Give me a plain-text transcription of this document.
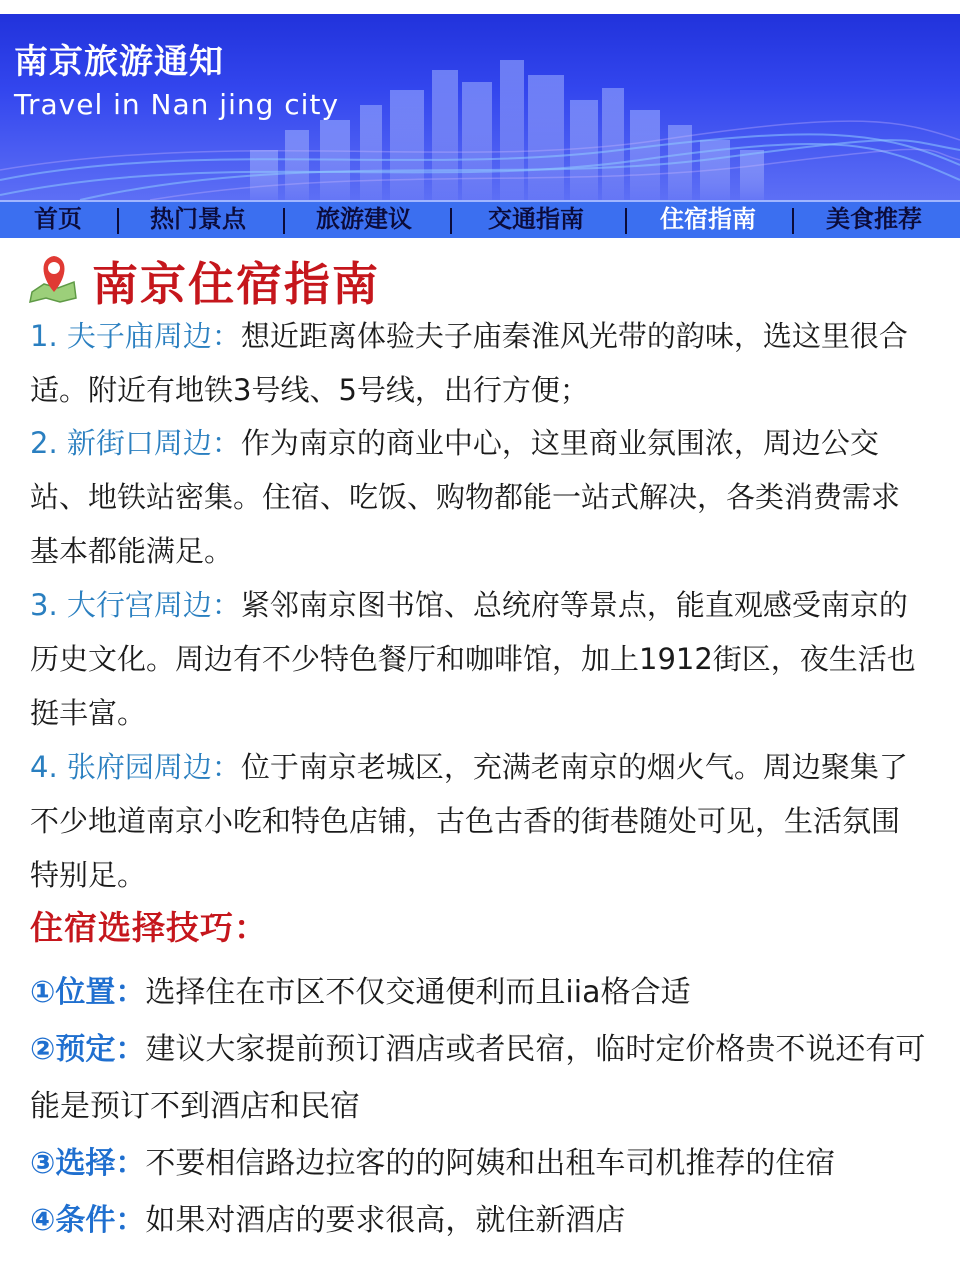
南京旅游通知
Travel in Nan jing city
首页	热门景点	旅游建议	交通指南	住宿指南	美食推荐
南京住宿指南
1. 夫子庙周边：想近距离体验夫子庙秦淮风光带的韵味，选这里很合适。附近有地铁3号线、5号线，出行方便；
2. 新街口周边：作为南京的商业中心，这里商业氛围浓，周边公交站、地铁站密集。住宿、吃饭、购物都能一站式解决，各类消费需求基本都能满足。
3. 大行宫周边：紧邻南京图书馆、总统府等景点，能直观感受南京的历史文化。周边有不少特色餐厅和咖啡馆，加上1912街区，夜生活也挺丰富。
4. 张府园周边：位于南京老城区，充满老南京的烟火气。周边聚集了不少地道南京小吃和特色店铺，古色古香的街巷随处可见，生活氛围特别足。
住宿选择技巧：
①位置：选择住在市区不仅交通便利而且iia格合适
②预定：建议大家提前预订酒店或者民宿，临时定价格贵不说还有可能是预订不到酒店和民宿
③选择：不要相信路边拉客的的阿姨和出租车司机推荐的住宿
④条件：如果对酒店的要求很高，就住新酒店
